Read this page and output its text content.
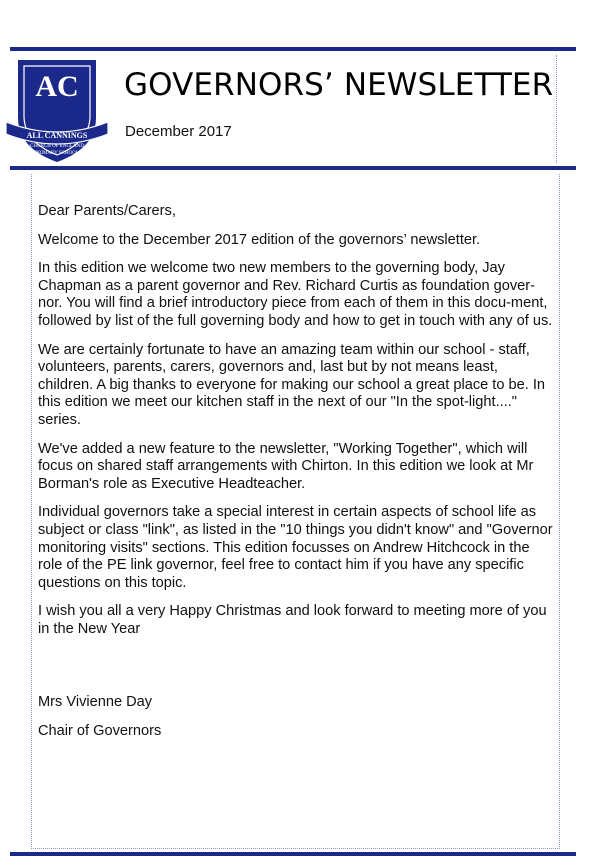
AC
ALL CANNINGS
CHURCH OF ENGLAND
PRIMARY SCHOOL
GOVERNORS’ NEWSLETTER
December 2017

Dear Parents/Carers,

Welcome to the December 2017 edition of the governors’ newsletter.

In this edition we welcome two new members to the governing body, Jay Chapman as a parent governor and Rev. Richard Curtis as foundation gover-nor. You will find a brief introductory piece from each of them in this docu-ment, followed by list of the full governing body and how to get in touch with any of us.

We are certainly fortunate to have an amazing team within our school - staff, volunteers, parents, carers, governors and, last but by not means least, children. A big thanks to everyone for making our school a great place to be. In this edition we meet our kitchen staff in the next of our "In the spot-light...." series.

We've added a new feature to the newsletter, "Working Together", which will focus on shared staff arrangements with Chirton. In this edition we look at Mr Borman's role as Executive Headteacher.

Individual governors take a special interest in certain aspects of school life as subject or class "link", as listed in the "10 things you didn't know" and "Governor monitoring visits" sections. This edition focusses on Andrew Hitchcock in the role of the PE link governor, feel free to contact him if you have any specific questions on this topic.

I wish you all a very Happy Christmas and look forward to meeting more of you in the New Year

Mrs Vivienne Day

Chair of Governors
